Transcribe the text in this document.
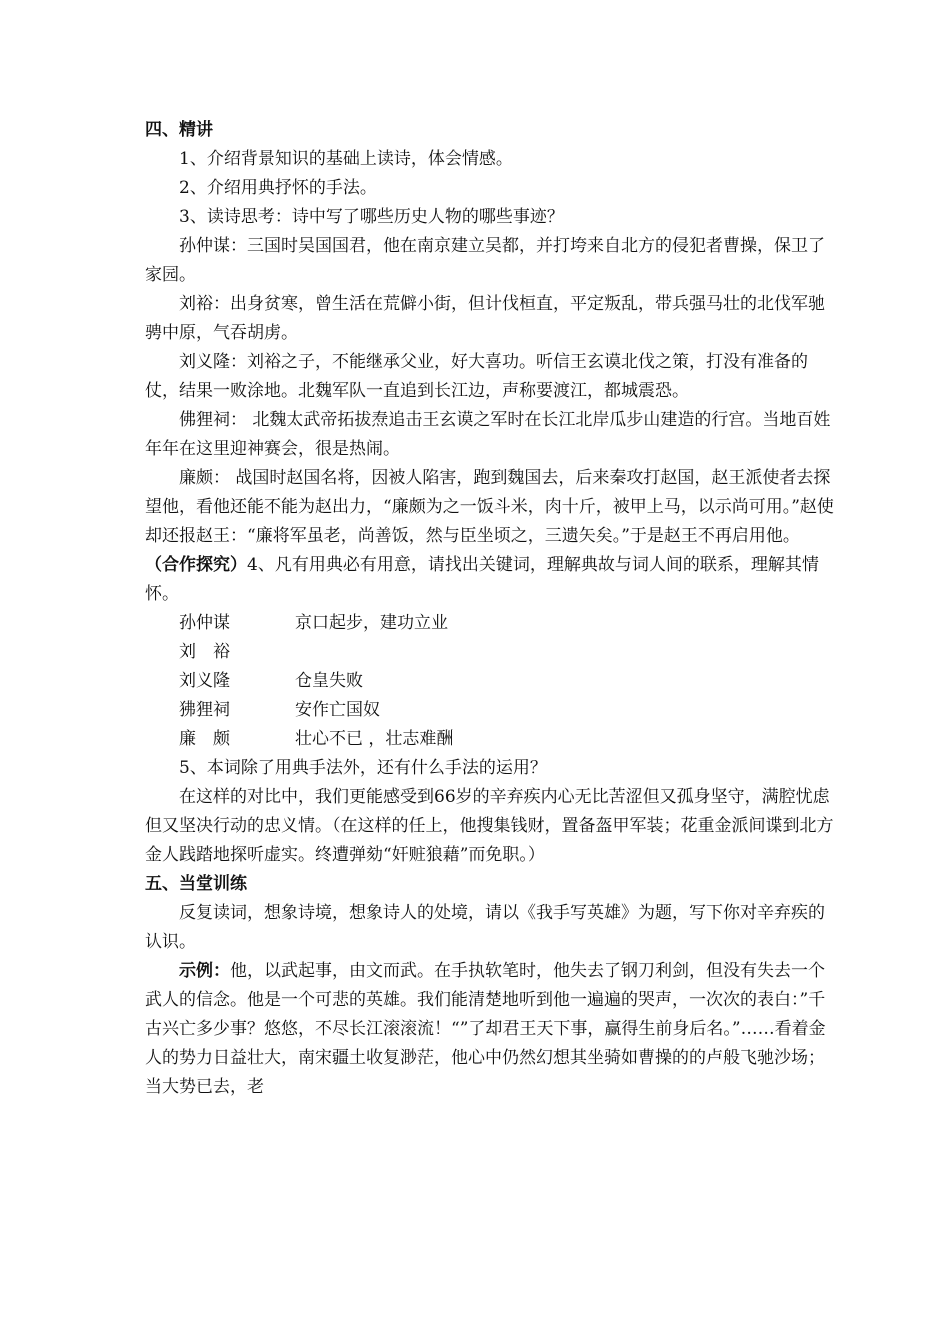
四、精讲

1、介绍背景知识的基础上读诗，体会情感。

2、介绍用典抒怀的手法。

3、读诗思考：诗中写了哪些历史人物的哪些事迹？

孙仲谋：三国时吴国国君，他在南京建立吴都，并打垮来自北方的侵犯者曹操，保卫了家园。

刘裕：出身贫寒，曾生活在荒僻小街，但计伐桓直，平定叛乱，带兵强马壮的北伐军驰骋中原，气吞胡虏。

刘义隆：刘裕之子，不能继承父业，好大喜功。听信王玄谟北伐之策，打没有准备的仗，结果一败涂地。北魏军队一直追到长江边，声称要渡江，都城震恐。

佛狸祠： 北魏太武帝拓拔焘追击王玄谟之军时在长江北岸瓜步山建造的行宫。当地百姓年年在这里迎神赛会，很是热闹。

廉颇： 战国时赵国名将，因被人陷害，跑到魏国去，后来秦攻打赵国，赵王派使者去探望他，看他还能不能为赵出力，“廉颇为之一饭斗米，肉十斤，被甲上马，以示尚可用。”赵使却还报赵王：“廉将军虽老，尚善饭，然与臣坐顷之，三遗矢矣。”于是赵王不再启用他。

（合作探究）4、凡有用典必有用意，请找出关键词，理解典故与词人间的联系，理解其情怀。

孙仲谋	京口起步，建功立业
刘　裕
刘义隆	仓皇失败
狒狸祠	安作亡国奴
廉　颇	壮心不已 ，壮志难酬

5、本词除了用典手法外，还有什么手法的运用？

在这样的对比中，我们更能感受到66岁的辛弃疾内心无比苦涩但又孤身坚守，满腔忧虑但又坚决行动的忠义情。（在这样的任上，他搜集钱财，置备盔甲军装；花重金派间谍到北方金人践踏地探听虚实。终遭弹劾“奸赃狼藉”而免职。）

五、当堂训练

反复读词，想象诗境，想象诗人的处境，请以《我手写英雄》为题，写下你对辛弃疾的认识。

示例：他，以武起事，由文而武。在手执软笔时，他失去了钢刀利剑，但没有失去一个武人的信念。他是一个可悲的英雄。我们能清楚地听到他一遍遍的哭声，一次次的表白：”千古兴亡多少事？悠悠，不尽长江滚滚流！“”了却君王天下事，赢得生前身后名。”……看着金人的势力日益壮大，南宋疆土收复渺茫，他心中仍然幻想其坐骑如曹操的的卢般飞驰沙场；当大势已去，老
